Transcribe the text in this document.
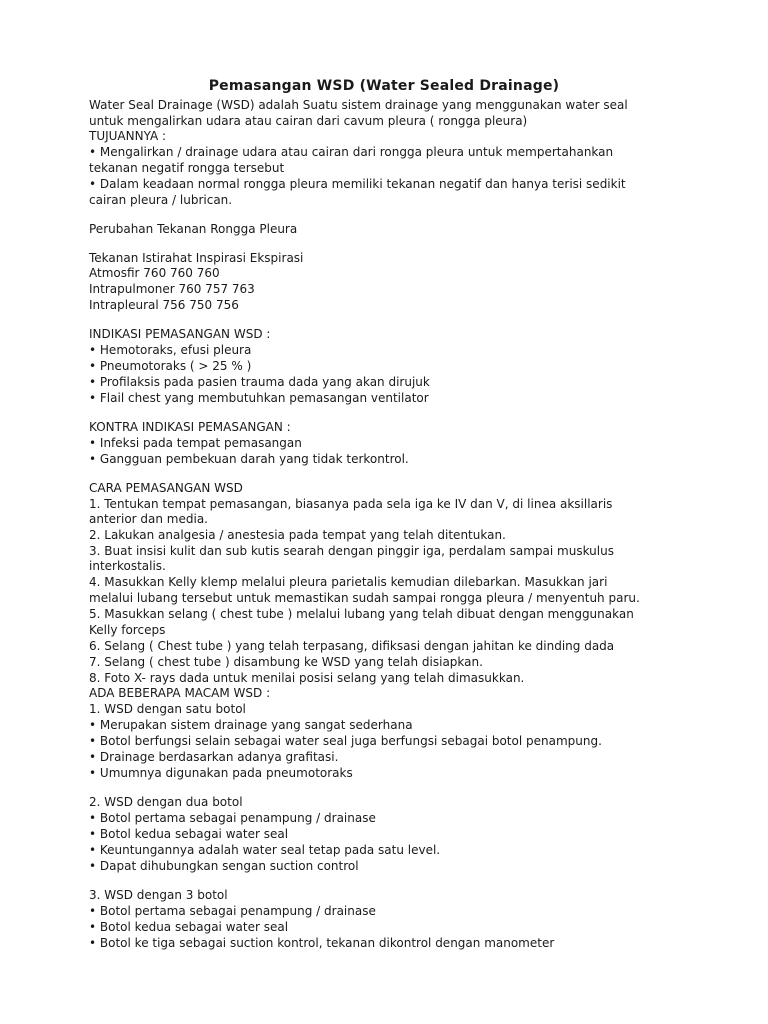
Pemasangan WSD (Water Sealed Drainage)
Water Seal Drainage (WSD) adalah Suatu sistem drainage yang menggunakan water seal
untuk mengalirkan udara atau cairan dari cavum pleura ( rongga pleura)
TUJUANNYA :
• Mengalirkan / drainage udara atau cairan dari rongga pleura untuk mempertahankan
tekanan negatif rongga tersebut
• Dalam keadaan normal rongga pleura memiliki tekanan negatif dan hanya terisi sedikit
cairan pleura / lubrican.
Perubahan Tekanan Rongga Pleura
Tekanan Istirahat Inspirasi Ekspirasi
Atmosfir 760 760 760
Intrapulmoner 760 757 763
Intrapleural 756 750 756
INDIKASI PEMASANGAN WSD :
• Hemotoraks, efusi pleura
• Pneumotoraks ( > 25 % )
• Profilaksis pada pasien trauma dada yang akan dirujuk
• Flail chest yang membutuhkan pemasangan ventilator
KONTRA INDIKASI PEMASANGAN :
• Infeksi pada tempat pemasangan
• Gangguan pembekuan darah yang tidak terkontrol.
CARA PEMASANGAN WSD
1. Tentukan tempat pemasangan, biasanya pada sela iga ke IV dan V, di linea aksillaris
anterior dan media.
2. Lakukan analgesia / anestesia pada tempat yang telah ditentukan.
3. Buat insisi kulit dan sub kutis searah dengan pinggir iga, perdalam sampai muskulus
interkostalis.
4. Masukkan Kelly klemp melalui pleura parietalis kemudian dilebarkan. Masukkan jari
melalui lubang tersebut untuk memastikan sudah sampai rongga pleura / menyentuh paru.
5. Masukkan selang ( chest tube ) melalui lubang yang telah dibuat dengan menggunakan
Kelly forceps
6. Selang ( Chest tube ) yang telah terpasang, difiksasi dengan jahitan ke dinding dada
7. Selang ( chest tube ) disambung ke WSD yang telah disiapkan.
8. Foto X- rays dada untuk menilai posisi selang yang telah dimasukkan.
ADA BEBERAPA MACAM WSD :
1. WSD dengan satu botol
• Merupakan sistem drainage yang sangat sederhana
• Botol berfungsi selain sebagai water seal juga berfungsi sebagai botol penampung.
• Drainage berdasarkan adanya grafitasi.
• Umumnya digunakan pada pneumotoraks
2. WSD dengan dua botol
• Botol pertama sebagai penampung / drainase
• Botol kedua sebagai water seal
• Keuntungannya adalah water seal tetap pada satu level.
• Dapat dihubungkan sengan suction control
3. WSD dengan 3 botol
• Botol pertama sebagai penampung / drainase
• Botol kedua sebagai water seal
• Botol ke tiga sebagai suction kontrol, tekanan dikontrol dengan manometer
